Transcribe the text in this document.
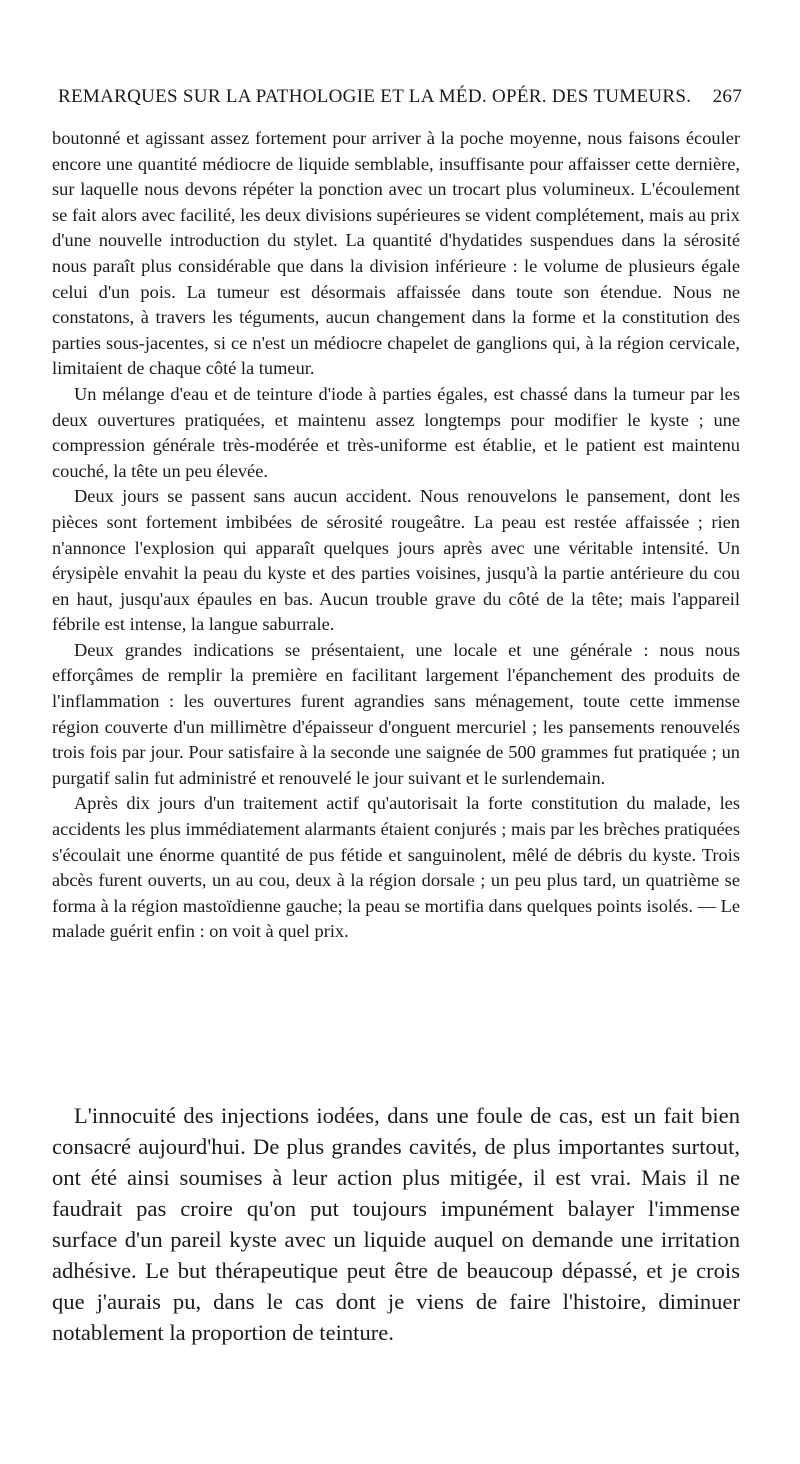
REMARQUES SUR LA PATHOLOGIE ET LA MÉD. OPÉR. DES TUMEURS. 267

boutonné et agissant assez fortement pour arriver à la poche moyenne, nous faisons écouler encore une quantité médiocre de liquide semblable, insuffisante pour affaisser cette dernière, sur laquelle nous devons répéter la ponction avec un trocart plus volumineux. L'écoulement se fait alors avec facilité, les deux divisions supérieures se vident complétement, mais au prix d'une nouvelle introduction du stylet. La quantité d'hydatides suspendues dans la sérosité nous paraît plus considérable que dans la division inférieure : le volume de plusieurs égale celui d'un pois. La tumeur est désormais affaissée dans toute son étendue. Nous ne constatons, à travers les téguments, aucun changement dans la forme et la constitution des parties sous-jacentes, si ce n'est un médiocre chapelet de ganglions qui, à la région cervicale, limitaient de chaque côté la tumeur.

Un mélange d'eau et de teinture d'iode à parties égales, est chassé dans la tumeur par les deux ouvertures pratiquées, et maintenu assez longtemps pour modifier le kyste ; une compression générale très-modérée et très-uniforme est établie, et le patient est maintenu couché, la tête un peu élevée.

Deux jours se passent sans aucun accident. Nous renouvelons le pansement, dont les pièces sont fortement imbibées de sérosité rougeâtre. La peau est restée affaissée ; rien n'annonce l'explosion qui apparaît quelques jours après avec une véritable intensité. Un érysipèle envahit la peau du kyste et des parties voisines, jusqu'à la partie antérieure du cou en haut, jusqu'aux épaules en bas. Aucun trouble grave du côté de la tête; mais l'appareil fébrile est intense, la langue saburrale.

Deux grandes indications se présentaient, une locale et une générale : nous nous efforçâmes de remplir la première en facilitant largement l'épanchement des produits de l'inflammation : les ouvertures furent agrandies sans ménagement, toute cette immense région couverte d'un millimètre d'épaisseur d'onguent mercuriel ; les pansements renouvelés trois fois par jour. Pour satisfaire à la seconde une saignée de 500 grammes fut pratiquée ; un purgatif salin fut administré et renouvelé le jour suivant et le surlendemain.

Après dix jours d'un traitement actif qu'autorisait la forte constitution du malade, les accidents les plus immédiatement alarmants étaient conjurés ; mais par les brèches pratiquées s'écoulait une énorme quantité de pus fétide et sanguinolent, mêlé de débris du kyste. Trois abcès furent ouverts, un au cou, deux à la région dorsale ; un peu plus tard, un quatrième se forma à la région mastoïdienne gauche; la peau se mortifia dans quelques points isolés. — Le malade guérit enfin : on voit à quel prix.

L'innocuité des injections iodées, dans une foule de cas, est un fait bien consacré aujourd'hui. De plus grandes cavités, de plus importantes surtout, ont été ainsi soumises à leur action plus mitigée, il est vrai. Mais il ne faudrait pas croire qu'on put toujours impunément balayer l'immense surface d'un pareil kyste avec un liquide auquel on demande une irritation adhésive. Le but thérapeutique peut être de beaucoup dépassé, et je crois que j'aurais pu, dans le cas dont je viens de faire l'histoire, diminuer notablement la proportion de teinture.
